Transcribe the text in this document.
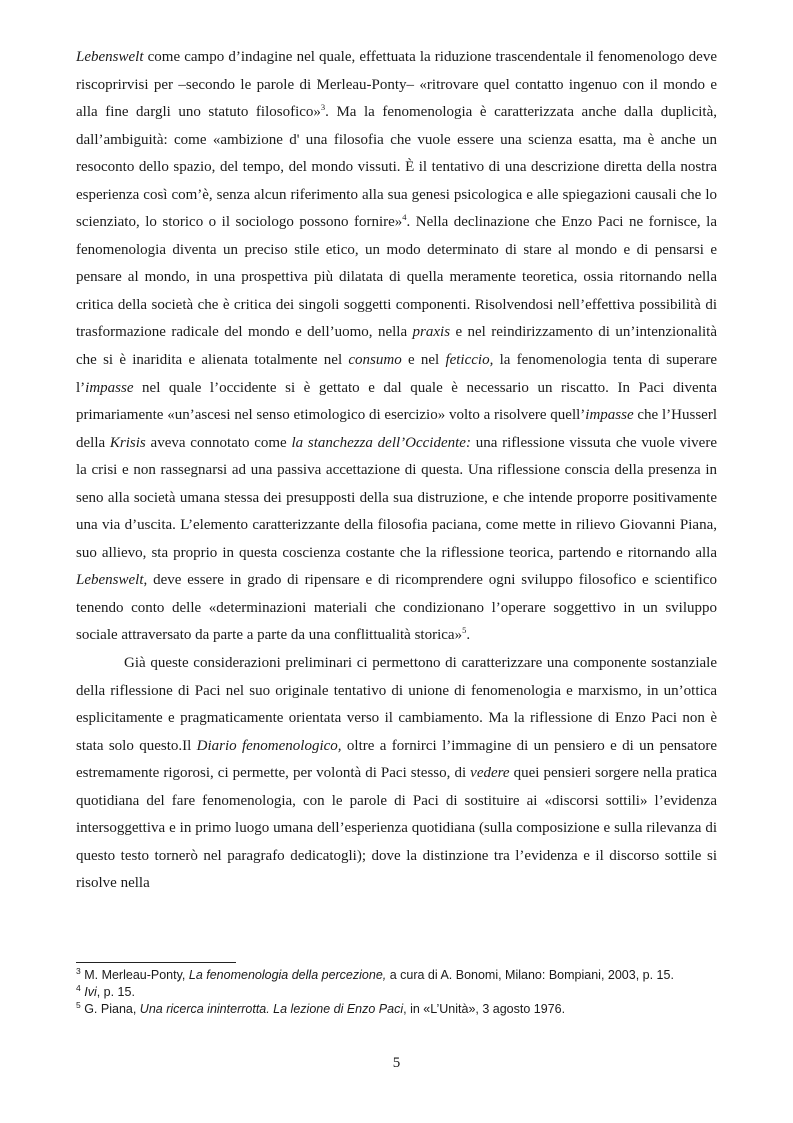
Lebenswelt come campo d’indagine nel quale, effettuata la riduzione trascendentale il fenomenologo deve riscoprirvisi per –secondo le parole di Merleau-Ponty– «ritrovare quel contatto ingenuo con il mondo e alla fine dargli uno statuto filosofico»$^3$. Ma la fenomenologia è caratterizzata anche dalla duplicità, dall’ambiguità: come «ambizione d' una filosofia che vuole essere una scienza esatta, ma è anche un resoconto dello spazio, del tempo, del mondo vissuti. È il tentativo di una descrizione diretta della nostra esperienza così com’è, senza alcun riferimento alla sua genesi psicologica e alle spiegazioni causali che lo scienziato, lo storico o il sociologo possono fornire»$^4$. Nella declinazione che Enzo Paci ne fornisce, la fenomenologia diventa un preciso stile etico, un modo determinato di stare al mondo e di pensarsi e pensare al mondo, in una prospettiva più dilatata di quella meramente teoretica, ossia ritornando nella critica della società che è critica dei singoli soggetti componenti. Risolvendosi nell’effettiva possibilità di trasformazione radicale del mondo e dell’uomo, nella praxis e nel reindirizzamento di un’intenzionalità che si è inaridita e alienata totalmente nel consumo e nel feticcio, la fenomenologia tenta di superare l’impasse nel quale l’occidente si è gettato e dal quale è necessario un riscatto. In Paci diventa primariamente «un’ascesi nel senso etimologico di esercizio» volto a risolvere quell’impasse che l’Husserl della Krisis aveva connotato come la stanchezza dell’Occidente: una riflessione vissuta che vuole vivere la crisi e non rassegnarsi ad una passiva accettazione di questa. Una riflessione conscia della presenza in seno alla società umana stessa dei presupposti della sua distruzione, e che intende proporre positivamente una via d’uscita. L’elemento caratterizzante della filosofia paciana, come mette in rilievo Giovanni Piana, suo allievo, sta proprio in questa coscienza costante che la riflessione teorica, partendo e ritornando alla Lebenswelt, deve essere in grado di ripensare e di ricomprendere ogni sviluppo filosofico e scientifico tenendo conto delle «determinazioni materiali che condizionano l’operare soggettivo in un sviluppo sociale attraversato da parte a parte da una conflittualità storica»$^5$.

Già queste considerazioni preliminari ci permettono di caratterizzare una componente sostanziale della riflessione di Paci nel suo originale tentativo di unione di fenomenologia e marxismo, in un’ottica esplicitamente e pragmaticamente orientata verso il cambiamento. Ma la riflessione di Enzo Paci non è stata solo questo.Il Diario fenomenologico, oltre a fornirci l’immagine di un pensiero e di un pensatore estremamente rigorosi, ci permette, per volontà di Paci stesso, di vedere quei pensieri sorgere nella pratica quotidiana del fare fenomenologia, con le parole di Paci di sostituire ai «discorsi sottili» l’evidenza intersoggettiva e in primo luogo umana dell’esperienza quotidiana (sulla composizione e sulla rilevanza di questo testo tornerò nel paragrafo dedicatogli); dove la distinzione tra l’evidenza e il discorso sottile si risolve nella

$^3$ M. Merleau-Ponty, La fenomenologia della percezione, a cura di A. Bonomi, Milano: Bompiani, 2003, p. 15.

$^4$ Ivi, p. 15.

$^5$ G. Piana, Una ricerca ininterrotta. La lezione di Enzo Paci, in «L’Unità», 3 agosto 1976.

5
